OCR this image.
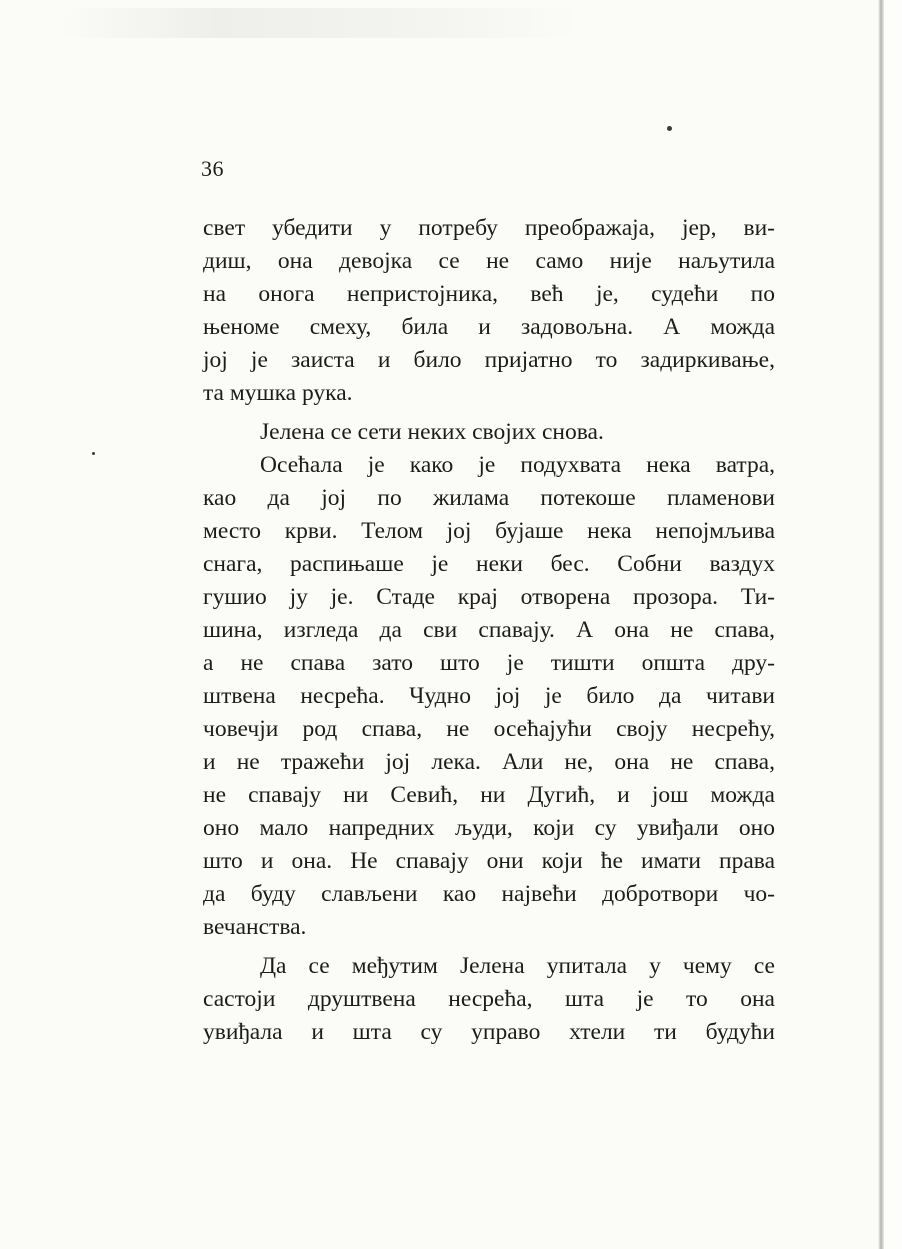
36
свет убедити у потребу преображаја, јер, ви-
диш, она девојка се не само није наљутила
на онога непристојника, већ је, судећи по
њеноме смеху, била и задовољна. А можда
јој је заиста и било пријатно то задиркивање,
та мушка рука.
Јелена се сети неких својих снова.
Осећала је како је подухвата нека ватра,
као да јој по жилама потекоше пламенови
место крви. Телом јој бујаше нека непојмљива
снага, распињаше је неки бес. Собни ваздух
гушио ју је. Стаде крај отворена прозора. Ти-
шина, изгледа да сви спавају. А она не спава,
а не спава зато што је тишти општа дру-
штвена несрећа. Чудно јој је било да читави
човечји род спава, не осећајући своју несрећу,
и не тражећи јој лека. Али не, она не спава,
не спавају ни Севић, ни Дугић, и још можда
оно мало напредних људи, који су увиђали оно
што и она. Не спавају они који ће имати права
да буду слављени као највећи добротвори чо-
вечанства.
Да се међутим Јелена упитала у чему се
састоји друштвена несрећа, шта је то она
увиђала и шта су управо хтели ти будући
